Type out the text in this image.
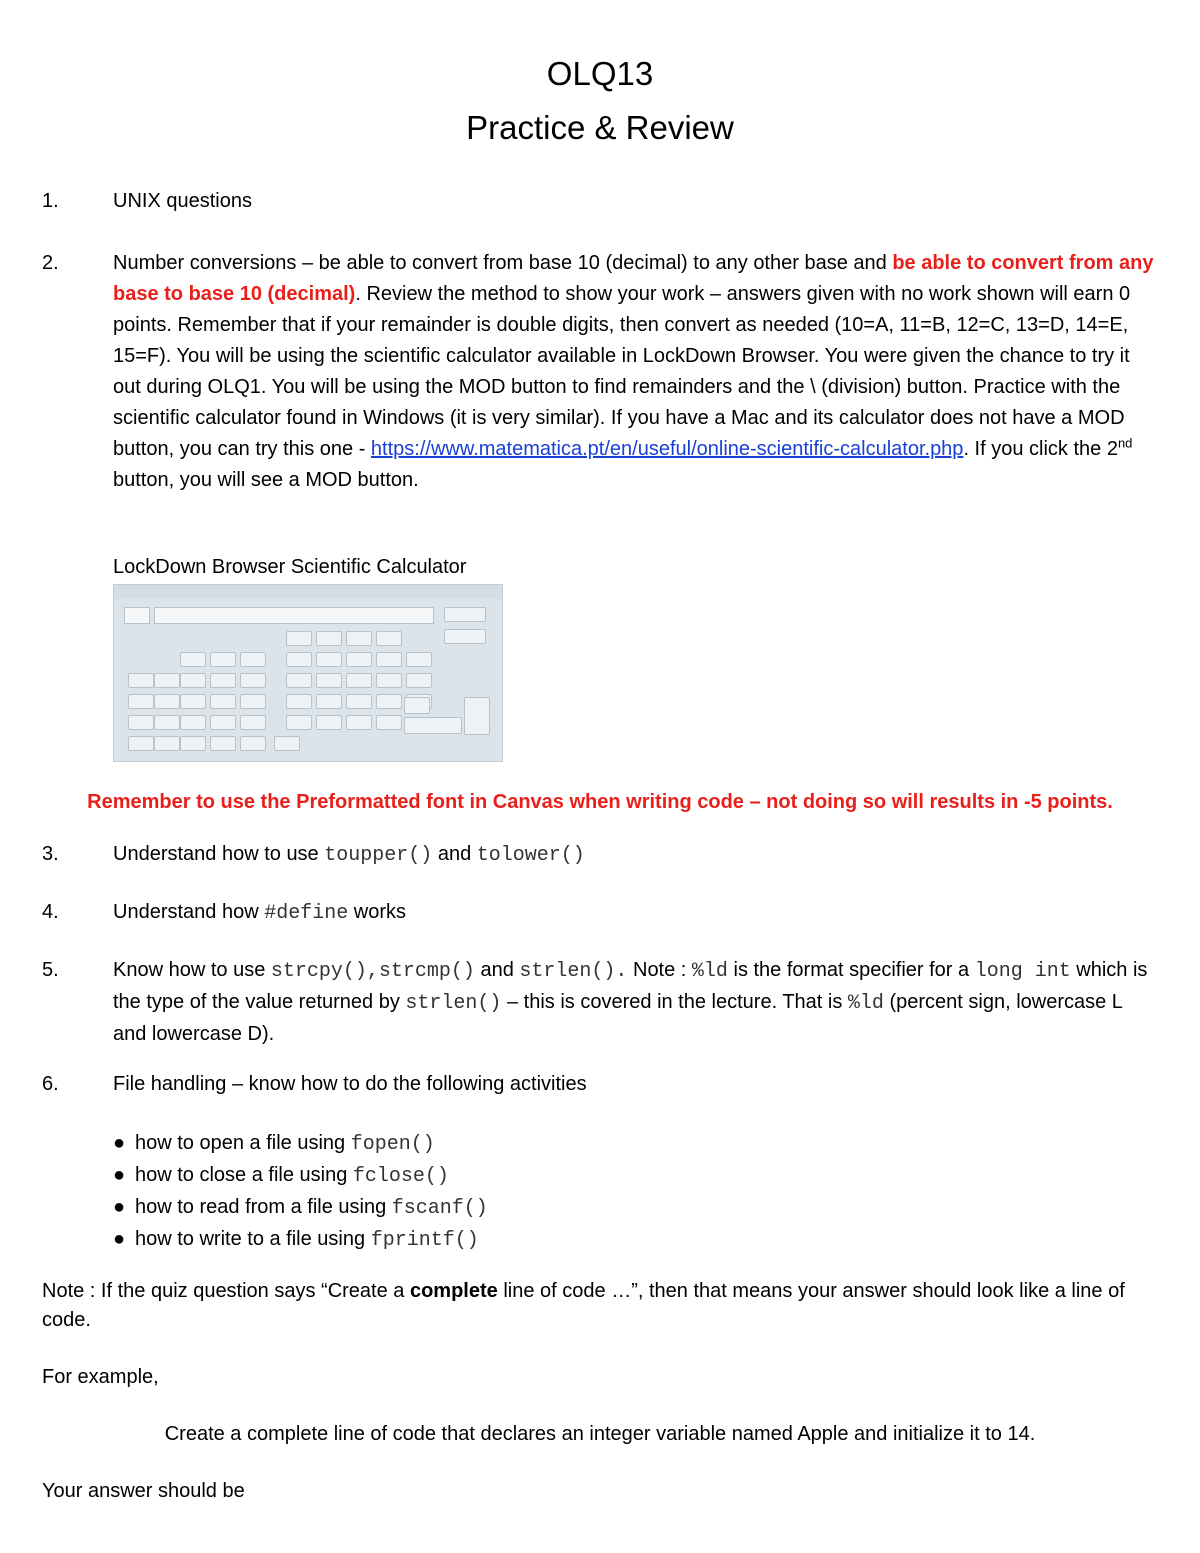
OLQ13
Practice & Review
1.	UNIX questions
2.	Number conversions – be able to convert from base 10 (decimal) to any other base and be able to convert from any base to base 10 (decimal). Review the method to show your work – answers given with no work shown will earn 0 points. Remember that if your remainder is double digits, then convert as needed (10=A, 11=B, 12=C, 13=D, 14=E, 15=F). You will be using the scientific calculator available in LockDown Browser. You were given the chance to try it out during OLQ1. You will be using the MOD button to find remainders and the \ (division) button. Practice with the scientific calculator found in Windows (it is very similar). If you have a Mac and its calculator does not have a MOD button, you can try this one - https://www.matematica.pt/en/useful/online-scientific-calculator.php. If you click the 2nd button, you will see a MOD button.
LockDown Browser Scientific Calculator
Remember to use the Preformatted font in Canvas when writing code – not doing so will results in -5 points.
3.	Understand how to use toupper() and tolower()
4.	Understand how #define works
5.	Know how to use strcpy(),strcmp() and strlen(). Note : %ld is the format specifier for a long int which is the type of the value returned by strlen() – this is covered in the lecture. That is %ld (percent sign, lowercase L and lowercase D).
6.	File handling – know how to do the following activities
● how to open a file using fopen()
● how to close a file using fclose()
● how to read from a file using fscanf()
● how to write to a file using fprintf()
Note : If the quiz question says “Create a complete line of code …”, then that means your answer should look like a line of code.
For example,
Create a complete line of code that declares an integer variable named Apple and initialize it to 14.
Your answer should be
